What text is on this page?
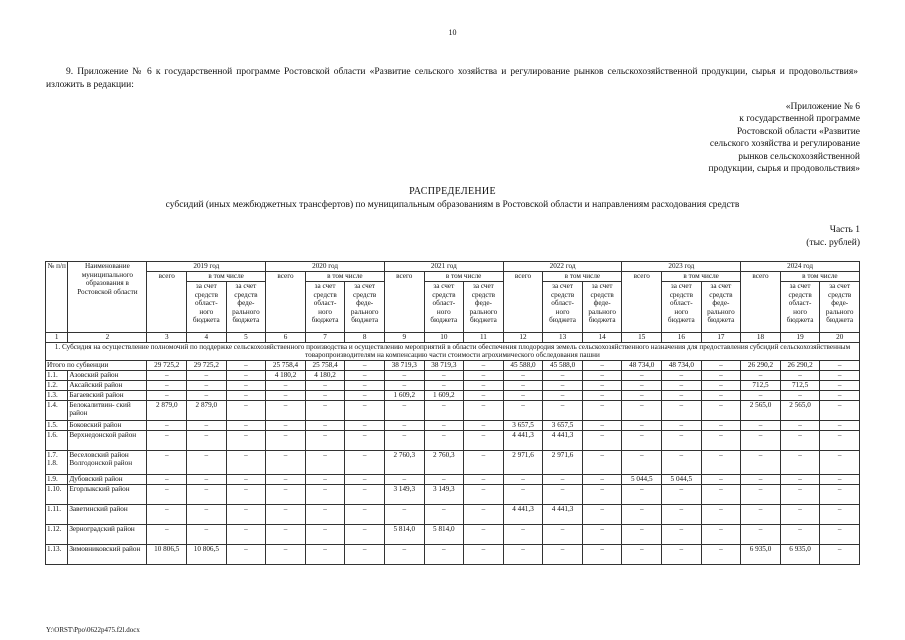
10
9. Приложение № 6 к государственной программе Ростовской области «Развитие сельского хозяйства и регулирование рынков сельскохозяйственной продукции, сырья и продовольствия» изложить в редакции:
«Приложение № 6
к государственной программе
Ростовской области «Развитие
сельского хозяйства и регулирование
рынков сельскохозяйственной
продукции, сырья и продовольствия»
РАСПРЕДЕЛЕНИЕ
субсидий (иных межбюджетных трансфертов) по муниципальным образованиям в Ростовской области и направлениям расходования средств
Часть 1
(тыс. рублей)
№ п/п	Наименование муниципального образования в Ростовской области	2019 год			2020 год			2021 год			2022 год			2023 год			2024 год		
		всего	в том числе		всего	в том числе		всего	в том числе		всего	в том числе		всего	в том числе		всего	в том числе	
			за счет средств област- ного бюджета	за счет средств феде- рального бюджета		за счет средств област- ного бюджета	за счет средств феде- рального бюджета		за счет средств област- ного бюджета	за счет средств феде- рального бюджета		за счет средств област- ного бюджета	за счет средств феде- рального бюджета		за счет средств област- ного бюджета	за счет средств феде- рального бюджета		за счет средств област- ного бюджета	за счет средств феде- рального бюджета
1	2	3	4	5	6	7	8	9	10	11	12	13	14	15	16	17	18	19	20
1. Субсидия на осуществление полномочий по поддержке сельскохозяйственного производства и осуществлению мероприятий в области обеспечения плодородия земель сельскохозяйственного назначения для предоставления субсидий сельскохозяйственным товаропроизводителям на компенсацию части стоимости агрохимического обследования пашни																			
Итого по субвенции		29 725,2	29 725,2	–	25 758,4	25 758,4	–	38 719,3	38 719,3	–	45 588,0	45 588,0	–	48 734,0	48 734,0	–	26 290,2	26 290,2	–
1.1.	Азовский район	–	–	–	4 180,2	4 180,2	–	–	–	–	–	–	–	–	–	–	–	–	–
1.2.	Аксайский район	–	–	–	–	–	–	–	–	–	–	–	–	–	–	–	712,5	712,5	–
1.3.	Багаевский район	–	–	–	–	–	–	1 609,2	1 609,2	–	–	–	–	–	–	–	–	–	–
1.4.	Белокалитвин- ский район	2 879,0	2 879,0	–	–	–	–	–	–	–	–	–	–	–	–	–	2 565,0	2 565,0	–
1.5.	Боковский район	–	–	–	–	–	–	–	–	–	3 657,5	3 657,5	–	–	–	–	–	–	–
1.6.	Верхнедонской район	–	–	–	–	–	–	–	–	–	4 441,3	4 441,3	–	–	–	–	–	–	–
1.7. 1.8.	Веселовский район Волгодонской район	–	–	–	–	–	–	2 760,3	2 760,3	–	2 971,6	2 971,6	–	–	–	–	–	–	–
1.9.	Дубовский район	–	–	–	–	–	–	–	–	–	–	–	–	5 044,5	5 044,5	–	–	–	–
1.10.	Егорлыкский район	–	–	–	–	–	–	3 149,3	3 149,3	–	–	–	–	–	–	–	–	–	–
1.11.	Заветинский район	–	–	–	–	–	–	–	–	–	4 441,3	4 441,3	–	–	–	–	–	–	–
1.12.	Зерноградский район	–	–	–	–	–	–	5 814,0	5 814,0	–	–	–	–	–	–	–	–	–	–
1.13.	Зимовниковский район	10 806,5	10 806,5	–	–	–	–	–	–	–	–	–	–	–	–	–	6 935,0	6 935,0	–
Y:\ORST\Ppo\0622p475.f2l.docx
